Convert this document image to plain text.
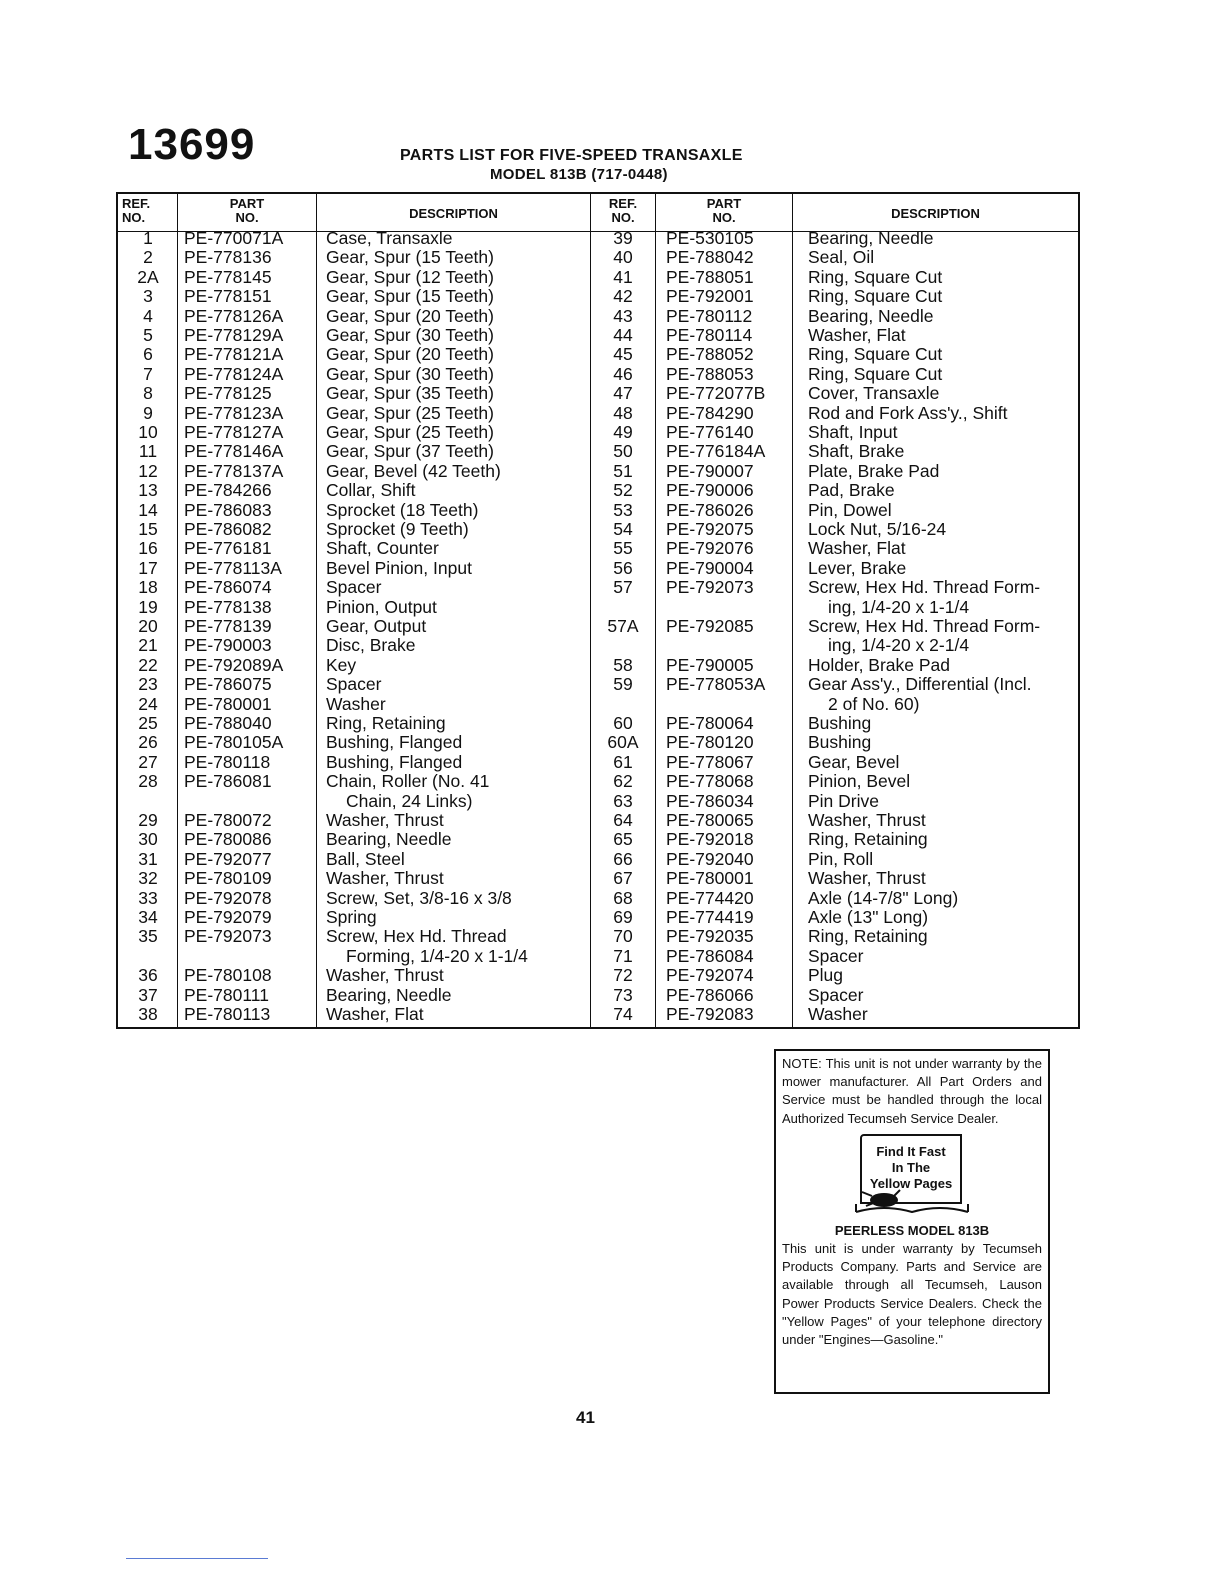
13699	PARTS LIST FOR FIVE-SPEED TRANSAXLE
MODEL 813B (717-0448)
REF.
NO.
PART
NO.	DESCRIPTION
REF.
NO.
PART
NO.	DESCRIPTION
1	PE-770071A Case, Transaxle
2	PE-778136	Gear, Spur (15 Teeth)
2A	PE-778145	Gear, Spur (12 Teeth)
3	PE-778151	Gear, Spur (15 Teeth)
4	PE-778126A Gear, Spur (20 Teeth)
5	PE-778129A Gear, Spur (30 Teeth)
6	PE-778121A Gear, Spur (20 Teeth)
7	PE-778124A Gear, Spur (30 Teeth)
8	PE-778125	Gear, Spur (35 Teeth)
9	PE-778123A Gear, Spur (25 Teeth)
10	PE-778127A Gear, Spur (25 Teeth)
11	PE-778146A Gear, Spur (37 Teeth)
12	PE-778137A Gear, Bevel (42 Teeth)
13	PE-784266	Collar, Shift
14	PE-786083	Sprocket (18 Teeth)
15	PE-786082	Sprocket (9 Teeth)
16	PE-776181	Shaft, Counter
17	PE-778113A	Bevel Pinion, Input
18	PE-786074	Spacer
19	PE-778138	Pinion, Output
20	PE-778139	Gear, Output
21	PE-790003	Disc, Brake
22	PE-792089A Key
23	PE-786075	Spacer
24	PE-780001	Washer
25	PE-788040	Ring, Retaining
26	PE-780105A Bushing, Flanged
27	PE-780118	Bushing, Flanged
28	PE-786081	Chain, Roller (No. 41
Chain, 24 Links)
29	PE-780072	Washer, Thrust
30	PE-780086	Bearing, Needle
31	PE-792077	Ball, Steel
32	PE-780109	Washer, Thrust
33	PE-792078	Screw, Set, 3/8-16 x 3/8
34	PE-792079	Spring
35	PE-792073	Screw, Hex Hd. Thread
Forming, 1/4-20 x 1-1/4
36	PE-780108	Washer, Thrust
37	PE-780111	Bearing, Needle
38	PE-780113	Washer, Flat
39	PE-530105	Bearing, Needle
40	PE-788042	Seal, Oil
41	PE-788051	Ring, Square Cut
42	PE-792001	Ring, Square Cut
43	PE-780112	Bearing, Needle
44	PE-780114	Washer, Flat
45	PE-788052	Ring, Square Cut
46	PE-788053	Ring, Square Cut
47	PE-772077B Cover, Transaxle
48	PE-784290	Rod and Fork Ass'y., Shift
49	PE-776140	Shaft, Input
50	PE-776184A Shaft, Brake
51	PE-790007	Plate, Brake Pad
52	PE-790006	Pad, Brake
53	PE-786026	Pin, Dowel
54	PE-792075	Lock Nut, 5/16-24
55	PE-792076	Washer, Flat
56	PE-790004	Lever, Brake
57	PE-792073	Screw, Hex Hd. Thread Form-
ing, 1/4-20 x 1-1/4
57A	PE-792085	Screw, Hex Hd. Thread Form-
ing, 1/4-20 x 2-1/4
58	PE-790005	Holder, Brake Pad
59	PE-778053A Gear Ass'y., Differential (Incl.
2 of No. 60)
60	PE-780064	Bushing
60A	PE-780120	Bushing
61	PE-778067	Gear, Bevel
62	PE-778068	Pinion, Bevel
63	PE-786034	Pin Drive
64	PE-780065	Washer, Thrust
65	PE-792018	Ring, Retaining
66	PE-792040	Pin, Roll
67	PE-780001	Washer, Thrust
68	PE-774420	Axle (14-7/8" Long)
69	PE-774419	Axle (13" Long)
70	PE-792035	Ring, Retaining
71	PE-786084	Spacer
72	PE-792074	Plug
73	PE-786066	Spacer
74	PE-792083	Washer

NOTE: This unit is not under warranty by the mower manufacturer. All Part Orders and Service must be handled through the local Authorized Tecumseh Service Dealer.

Find It Fast
In The
Yellow Pages
PEERLESS MODEL 813B

This unit is under warranty by Tecumseh Products Company. Parts and Service are available through all Tecumseh, Lauson Power Products Service Dealers. Check the "Yellow Pages" of your telephone directory under "Engines—Gasoline."

41
